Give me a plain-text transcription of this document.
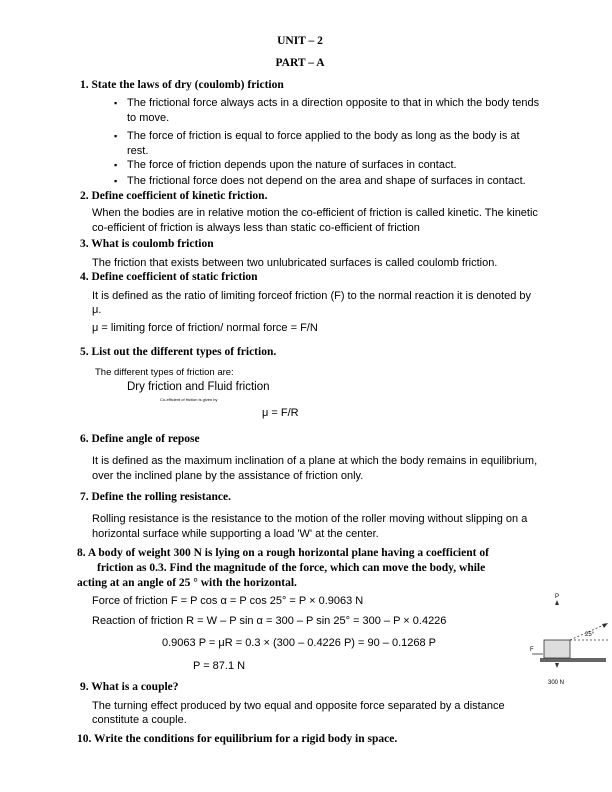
UNIT – 2
PART – A
1. State the laws of dry (coulomb) friction
▪ The frictional force always acts in a direction opposite to that in which the body tends
to move.
▪ The force of friction is equal to force applied to the body as long as the body is at
rest.
▪ The force of friction depends upon the nature of surfaces in contact.
▪ The frictional force does not depend on the area and shape of surfaces in contact.
2. Define coefficient of kinetic friction.
When the bodies are in relative motion the co-efficient of friction is called kinetic. The kinetic
co-efficient of friction is always less than static co-efficient of friction
3. What is coulomb friction
The friction that exists between two unlubricated surfaces is called coulomb friction.
4. Define coefficient of static friction
It is defined as the ratio of limiting forceof friction (F) to the normal reaction it is denoted by
μ.
μ = limiting force of friction/ normal force = F/N
5. List out the different types of friction.
The different types of friction are:
Dry friction and Fluid friction
Co-efficient of friction is given by
μ = F/R
6. Define angle of repose
It is defined as the maximum inclination of a plane at which the body remains in equilibrium,
over the inclined plane by the assistance of friction only.
7. Define the rolling resistance.
Rolling resistance is the resistance to the motion of the roller moving without slipping on a
horizontal surface while supporting a load 'W' at the center.
8. A body of weight 300 N is lying on a rough horizontal plane having a coefficient of
friction as 0.3. Find the magnitude of the force, which can move the body, while
acting at an angle of 25 ° with the horizontal.
Force of friction F = P cos α = P cos 25° = P × 0.9063 N
Reaction of friction R = W – P sin α = 300 – P sin 25° = 300 – P × 0.4226
0.9063 P = μR = 0.3 × (300 – 0.4226 P) = 90 – 0.1268 P
P = 87.1 N
P
25°
F
300 N
9. What is a couple?
The turning effect produced by two equal and opposite force separated by a distance
constitute a couple.
10. Write the conditions for equilibrium for a rigid body in space.
